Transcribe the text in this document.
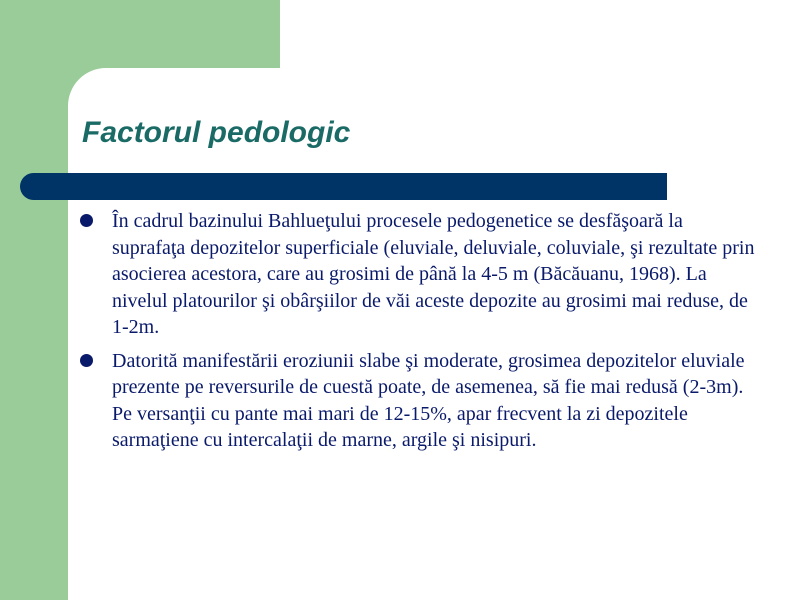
Factorul pedologic
În cadrul bazinului Bahlueţului procesele pedogenetice se desfăşoară la suprafaţa depozitelor superficiale (eluviale, deluviale, coluviale, şi rezultate prin asocierea acestora, care au grosimi de până la 4-5 m (Băcăuanu, 1968). La nivelul platourilor şi obârşiilor de văi aceste depozite au grosimi mai reduse, de 1-2m.
Datorită manifestării eroziunii slabe şi moderate, grosimea depozitelor eluviale prezente pe reversurile de cuestă poate, de asemenea, să fie mai redusă (2-3m). Pe versanţii cu pante mai mari de 12-15%, apar frecvent la zi depozitele sarmaţiene cu intercalaţii de marne, argile şi nisipuri.
